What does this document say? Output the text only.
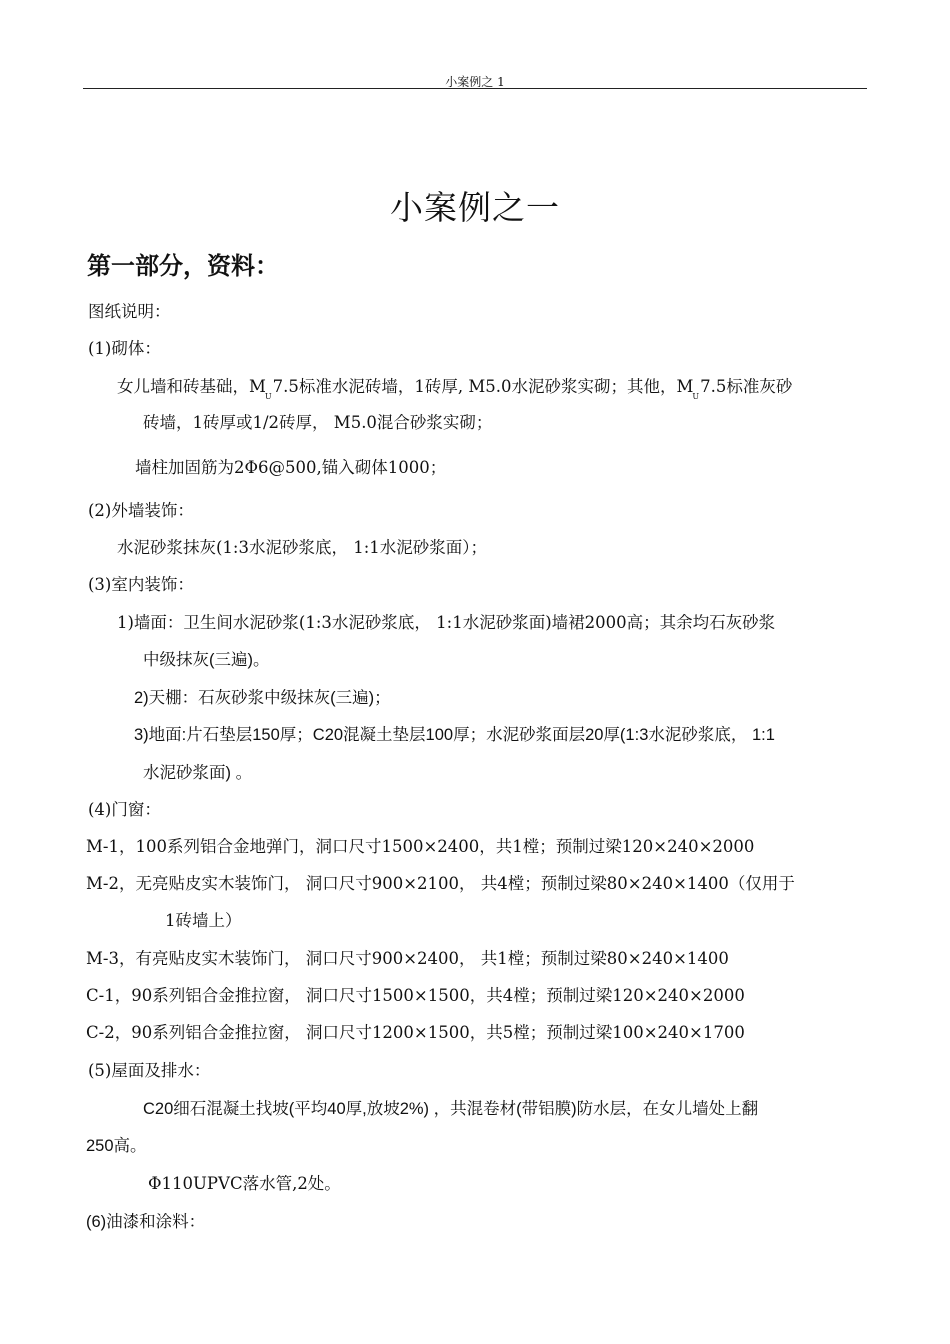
小案例之 1
小案例之一
第一部分，资料：
图纸说明：
(1)砌体：
女儿墙和砖基础，$M_U7.5$标准水泥砖墙，1砖厚, M5.0水泥砂浆实砌；其他，$M_U7.5$标准灰砂
砖墙，1砖厚或1/2砖厚， M5.0混合砂浆实砌；
墙柱加固筋为2Φ6@500,锚入砌体1000；
(2)外墙装饰：
水泥砂浆抹灰(1:3水泥砂浆底， 1:1水泥砂浆面）；
(3)室内装饰：
1)墙面：卫生间水泥砂浆(1:3水泥砂浆底， 1:1水泥砂浆面)墙裙2000高；其余均石灰砂浆
中级抹灰(三遍)。
2)天棚：石灰砂浆中级抹灰(三遍)；
3)地面:片石垫层150厚；C20混凝土垫层100厚；水泥砂浆面层20厚(1:3水泥砂浆底， 1:1
水泥砂浆面) 。
(4)门窗：
M-1，100系列铝合金地弹门，洞口尺寸1500×2400，共1樘；预制过梁120×240×2000
M-2，无亮贴皮实木装饰门， 洞口尺寸900×2100， 共4樘；预制过梁80×240×1400（仅用于
1砖墙上）
M-3，有亮贴皮实木装饰门， 洞口尺寸900×2400， 共1樘；预制过梁80×240×1400
C-1，90系列铝合金推拉窗， 洞口尺寸1500×1500，共4樘；预制过梁120×240×2000
C-2，90系列铝合金推拉窗， 洞口尺寸1200×1500，共5樘；预制过梁100×240×1700
(5)屋面及排水：
C20细石混凝土找坡(平均40厚,放坡2%) ，共混卷材(带铝膜)防水层，在女儿墙处上翻
250高。
Φ110UPVC落水管,2处。
(6)油漆和涂料：
